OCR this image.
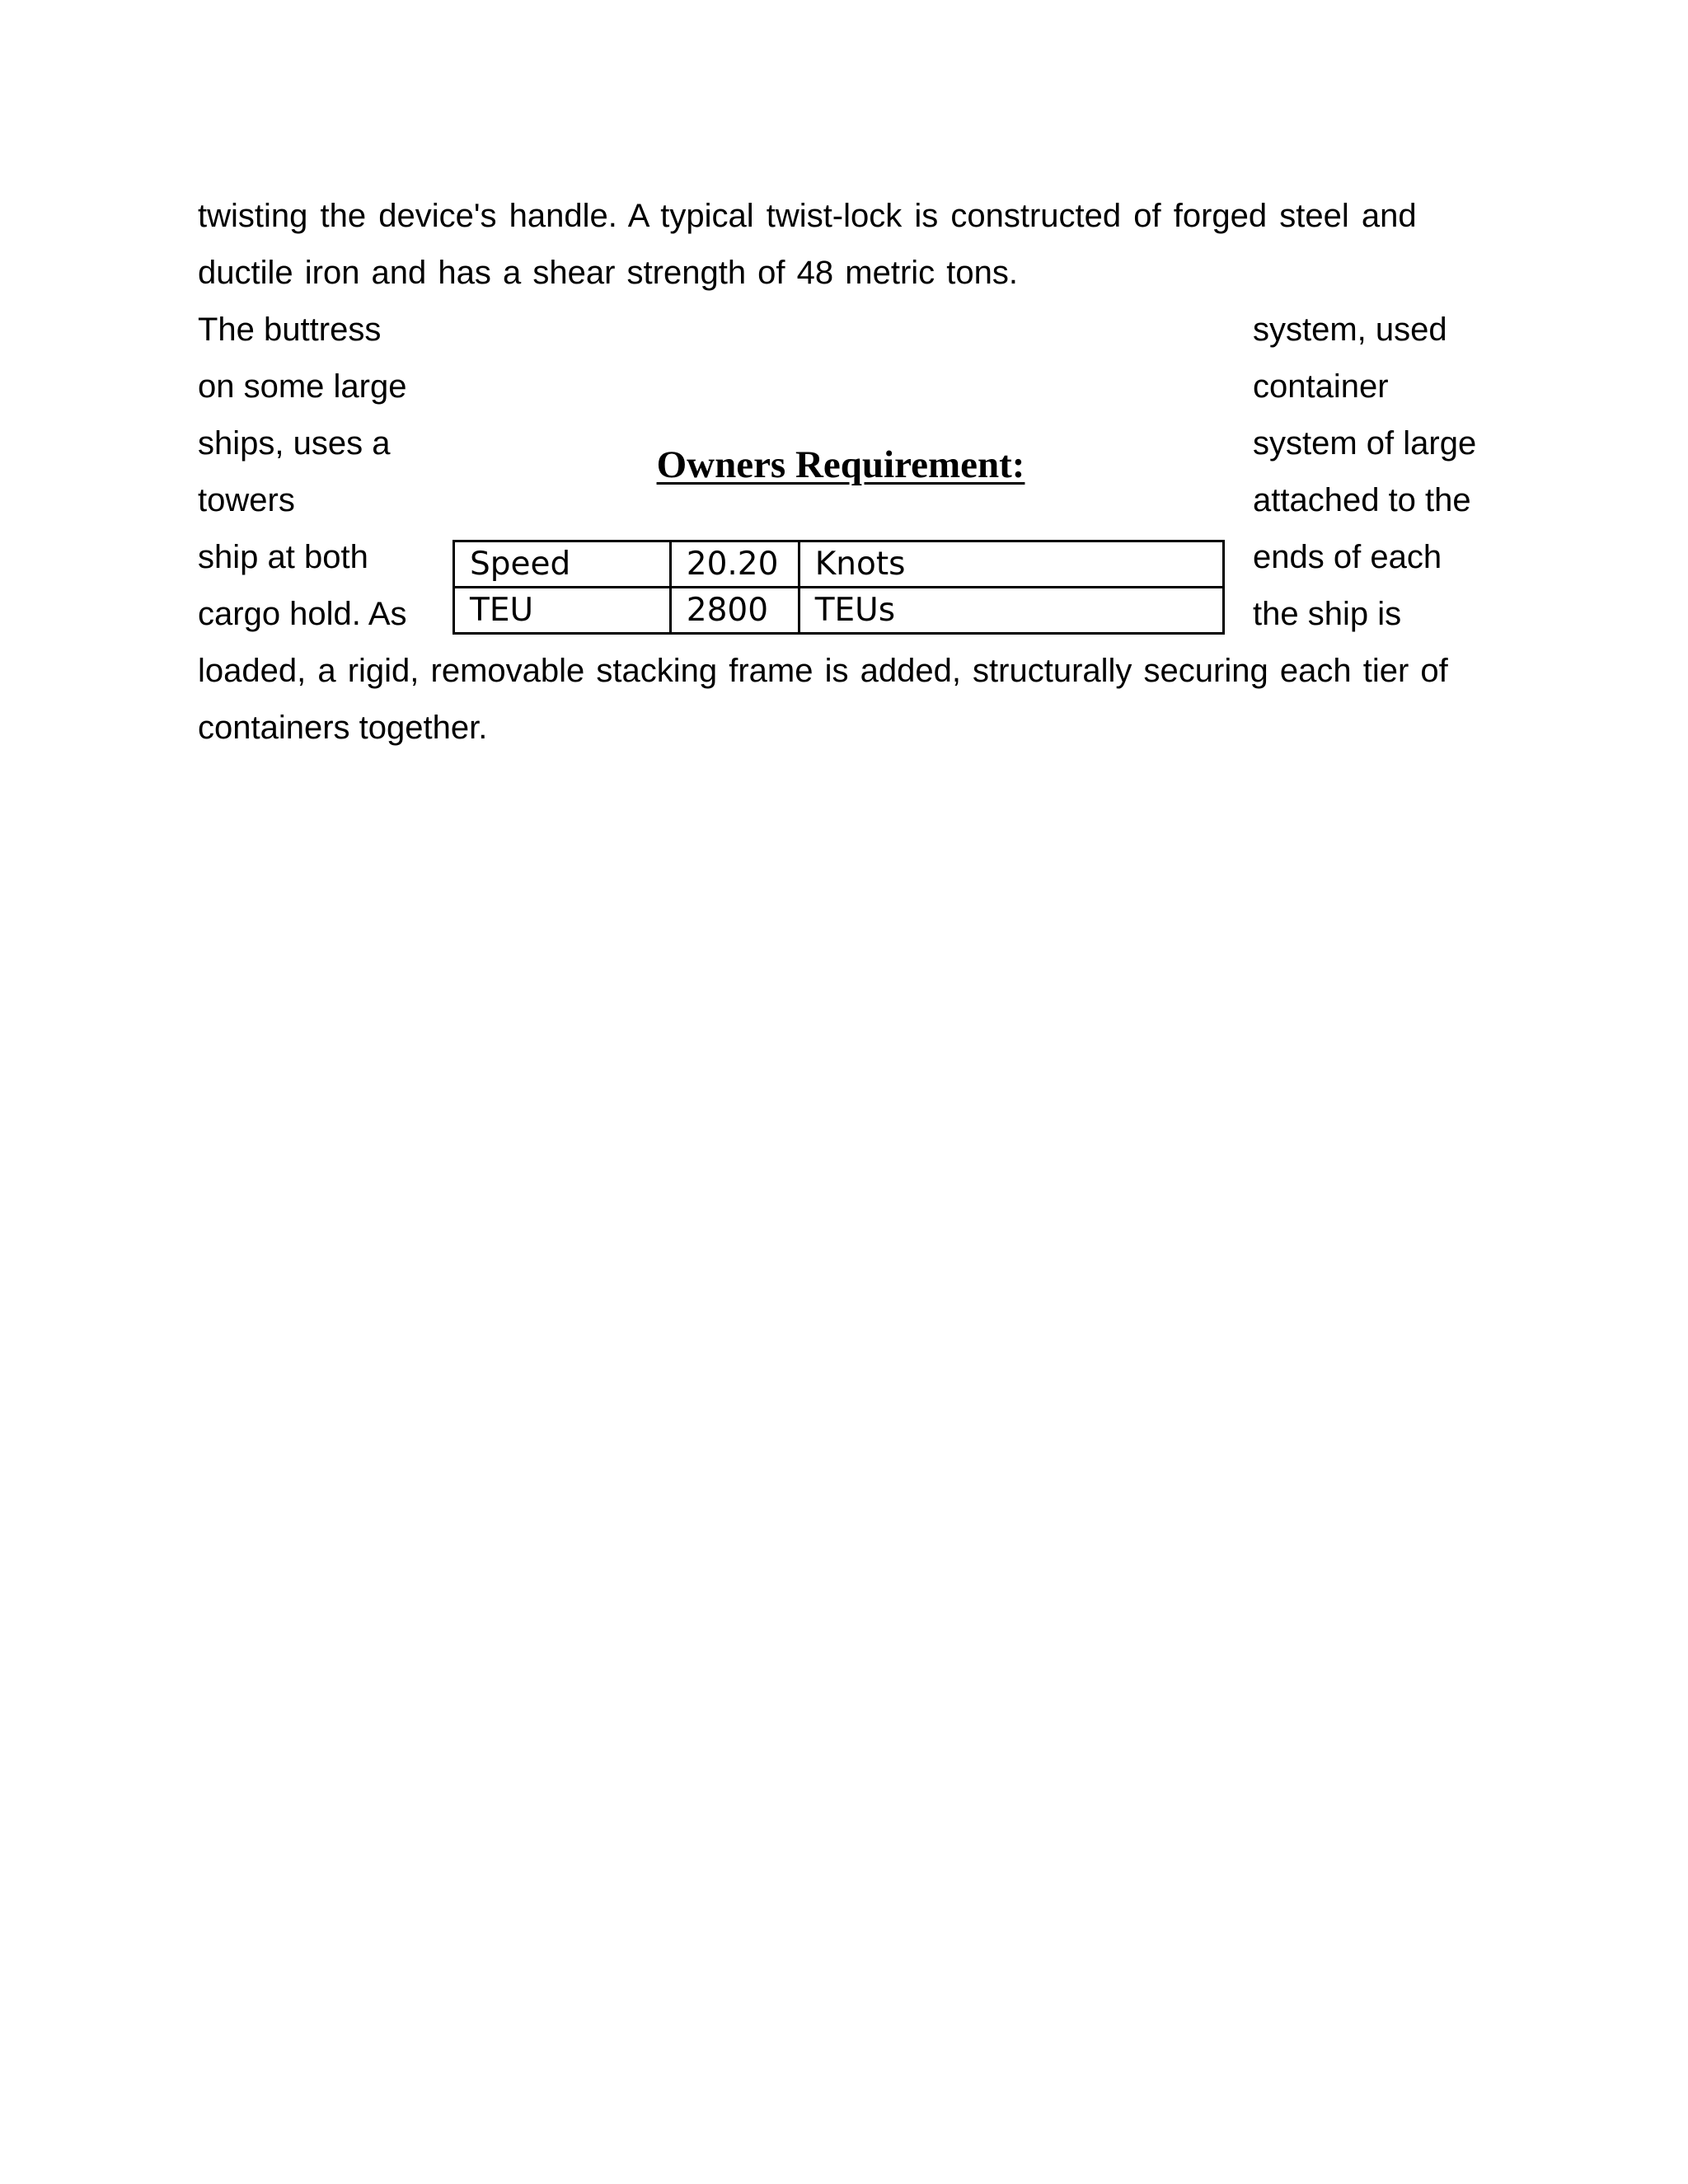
twisting the device's handle. A typical twist-lock is constructed of forged steel and

ductile iron and has a shear strength of 48 metric tons.

The buttress

on some large

ships, uses a

towers

ship at both

cargo hold. As

system, used

container

system of large

attached to the

ends of each

the ship is

Owners Requirement:
Speed	20.20	Knots
TEU	2800	TEUs

loaded, a rigid, removable stacking frame is added, structurally securing each tier of

containers together.
